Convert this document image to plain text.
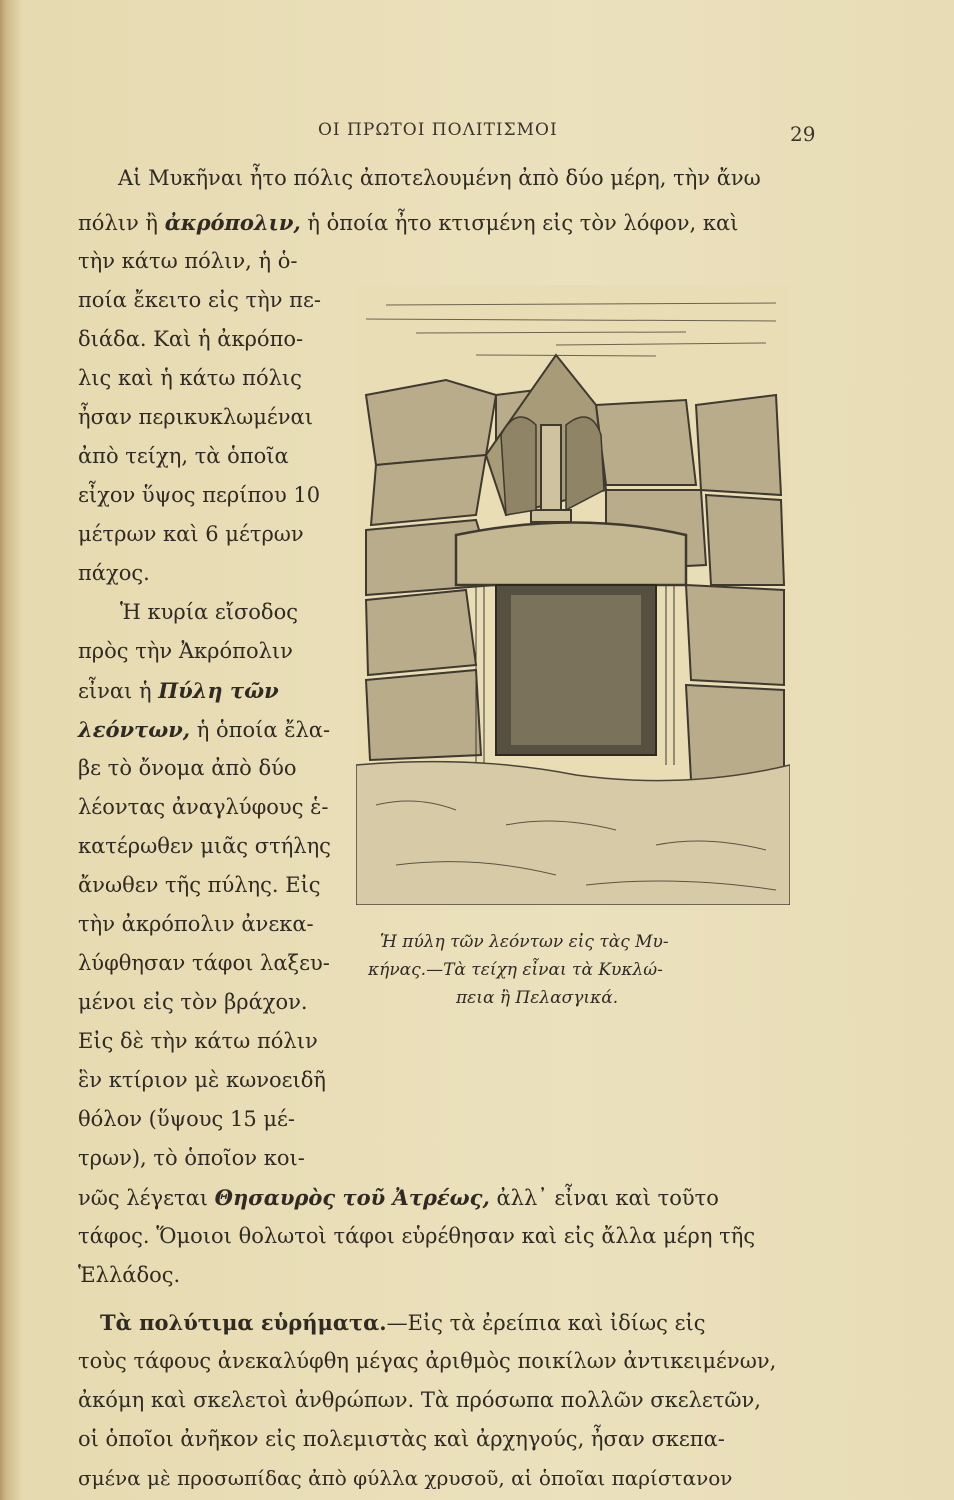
ΟΙ ΠΡΩΤΟΙ ΠΟΛΙΤΙΣΜΟΙ	29
Αἱ Μυκῆναι ἦτο πόλις ἀποτελουμένη ἀπὸ δύο μέρη, τὴν ἄνω
πόλιν ἢ ἀκρόπολιν, ἡ ὁποία ἦτο κτισμένη εἰς τὸν λόφον, καὶ
τὴν κάτω πόλιν, ἡ ὁ-
ποία ἔκειτο εἰς τὴν πε-
διάδα. Καὶ ἡ ἀκρόπο-
λις καὶ ἡ κάτω πόλις
ἦσαν περικυκλωμέναι
ἀπὸ τείχη, τὰ ὁποῖα
εἶχον ὕψος περίπου 10
μέτρων καὶ 6 μέτρων
πάχος.
Ἡ κυρία εἴσοδος
πρὸς τὴν Ἀκρόπολιν
εἶναι ἡ Πύλη τῶν
λεόντων, ἡ ὁποία ἔλα-
βε τὸ ὄνομα ἀπὸ δύο
λέοντας ἀναγλύφους ἑ-
κατέρωθεν μιᾶς στήλης
ἄνωθεν τῆς πύλης. Εἰς
τὴν ἀκρόπολιν ἀνεκα-
λύφθησαν τάφοι λαξευ-
μένοι εἰς τὸν βράχον.
Εἰς δὲ τὴν κάτω πόλιν
ἓν κτίριον μὲ κωνοειδῆ
θόλον (ὕψους 15 μέ-
τρων), τὸ ὁποῖον κοι-
Ἡ πύλη τῶν λεόντων εἰς τὰς Μυ-
κήνας.—Τὰ τείχη εἶναι τὰ Κυκλώ-
πεια ἢ Πελασγικά.
νῶς λέγεται Θησαυρὸς τοῦ Ἀτρέως, ἀλλ᾿ εἶναι καὶ τοῦτο
τάφος. Ὅμοιοι θολωτοὶ τάφοι εὑρέθησαν καὶ εἰς ἄλλα μέρη τῆς
Ἑλλάδος.
Τὰ πολύτιμα εὑρήματα.—Εἰς τὰ ἐρείπια καὶ ἰδίως εἰς
τοὺς τάφους ἀνεκαλύφθη μέγας ἀριθμὸς ποικίλων ἀντικειμένων,
ἀκόμη καὶ σκελετοὶ ἀνθρώπων. Τὰ πρόσωπα πολλῶν σκελετῶν,
οἱ ὁποῖοι ἀνῆκον εἰς πολεμιστὰς καὶ ἀρχηγούς, ἦσαν σκεπα-
σμένα μὲ προσωπίδας ἀπὸ φύλλα χρυσοῦ, αἱ ὁποῖαι παρίστανον
